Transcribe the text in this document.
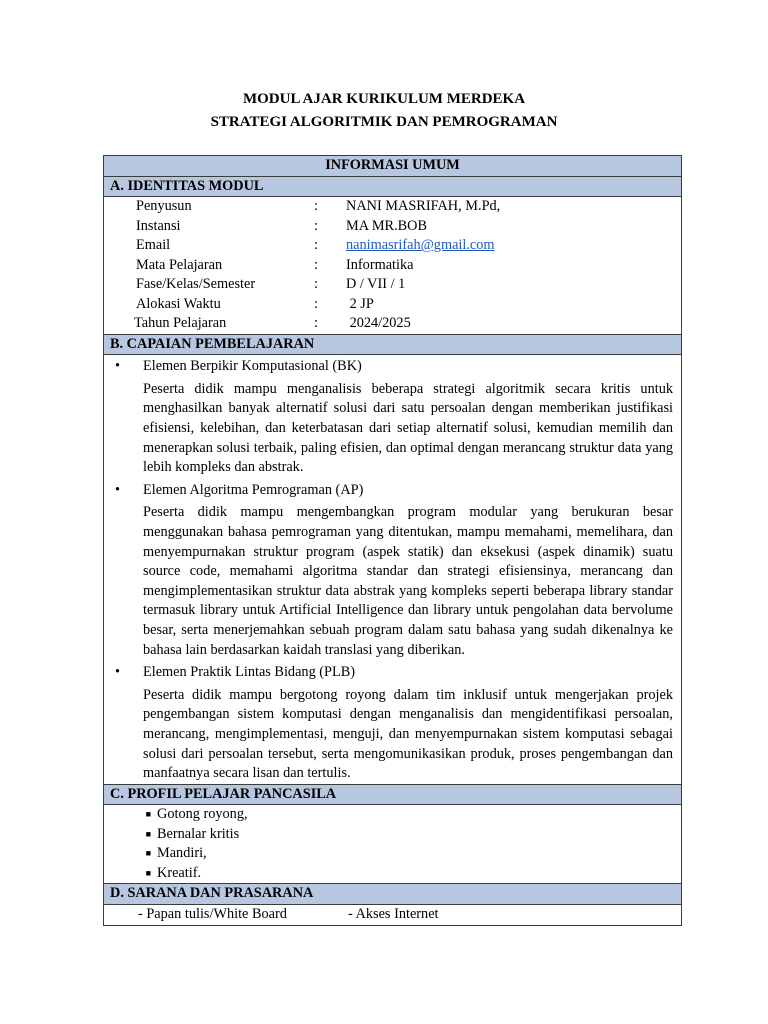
MODUL AJAR KURIKULUM MERDEKA
STRATEGI ALGORITMIK DAN PEMROGRAMAN
INFORMASI UMUM
A. IDENTITAS MODUL

Penyusun	:	NANI MASRIFAH, M.Pd,
Instansi	:	MA MR.BOB
Email	:	nanimasrifah@gmail.com
Mata Pelajaran	:	Informatika
Fase/Kelas/Semester	:	D / VII / 1
Alokasi Waktu	:	2 JP
Tahun Pelajaran	:	2024/2025

B. CAPAIAN PEMBELAJARAN

• Elemen Berpikir Komputasional (BK)
Peserta didik mampu menganalisis beberapa strategi algoritmik secara kritis untuk menghasilkan banyak alternatif solusi dari satu persoalan dengan memberikan justifikasi efisiensi, kelebihan, dan keterbatasan dari setiap alternatif solusi, kemudian memilih dan menerapkan solusi terbaik, paling efisien, dan optimal dengan merancang struktur data yang lebih kompleks dan abstrak.
• Elemen Algoritma Pemrograman (AP)
Peserta didik mampu mengembangkan program modular yang berukuran besar menggunakan bahasa pemrograman yang ditentukan, mampu memahami, memelihara, dan menyempurnakan struktur program (aspek statik) dan eksekusi (aspek dinamik) suatu source code, memahami algoritma standar dan strategi efisiensinya, merancang dan mengimplementasikan struktur data abstrak yang kompleks seperti beberapa library standar termasuk library untuk Artificial Intelligence dan library untuk pengolahan data bervolume besar, serta menerjemahkan sebuah program dalam satu bahasa yang sudah dikenalnya ke bahasa lain berdasarkan kaidah translasi yang diberikan.
• Elemen Praktik Lintas Bidang (PLB)
Peserta didik mampu bergotong royong dalam tim inklusif untuk mengerjakan projek pengembangan sistem komputasi dengan menganalisis dan mengidentifikasi persoalan, merancang, mengimplementasi, menguji, dan menyempurnakan sistem komputasi sebagai solusi dari persoalan tersebut, serta mengomunikasikan produk, proses pengembangan dan manfaatnya secara lisan dan tertulis.

C. PROFIL PELAJAR PANCASILA

■ Gotong royong,
■ Bernalar kritis
■ Mandiri,
■ Kreatif.

D. SARANA DAN PRASARANA

- Papan tulis/White Board	- Akses Internet
